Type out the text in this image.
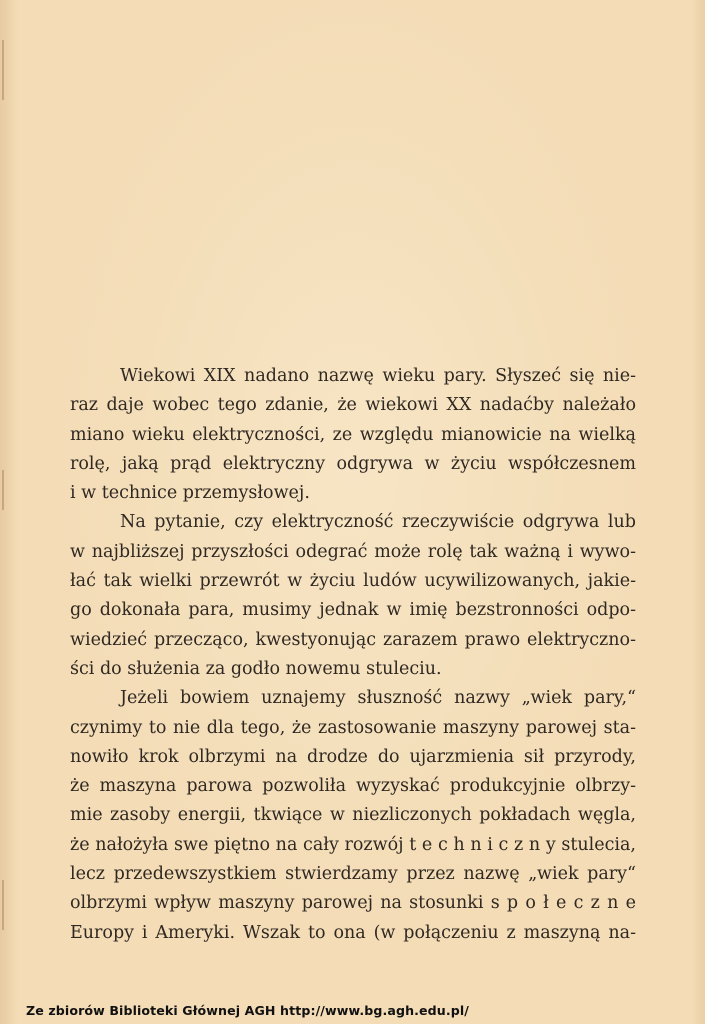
Wiekowi XIX nadano nazwę wieku pary. Słyszeć się nie-
raz daje wobec tego zdanie, że wiekowi XX nadaćby należało
miano wieku elektryczności, ze względu mianowicie na wielką
rolę, jaką prąd elektryczny odgrywa w życiu współczesnem
i w technice przemysłowej.
Na pytanie, czy elektryczność rzeczywiście odgrywa lub
w najbliższej przyszłości odegrać może rolę tak ważną i wywo-
łać tak wielki przewrót w życiu ludów ucywilizowanych, jakie-
go dokonała para, musimy jednak w imię bezstronności odpo-
wiedzieć przecząco, kwestyonując zarazem prawo elektryczno-
ści do służenia za godło nowemu stuleciu.
Jeżeli bowiem uznajemy słuszność nazwy „wiek pary,“
czynimy to nie dla tego, że zastosowanie maszyny parowej sta-
nowiło krok olbrzymi na drodze do ujarzmienia sił przyrody,
że maszyna parowa pozwoliła wyzyskać produkcyjnie olbrzy-
mie zasoby energii, tkwiące w niezliczonych pokładach węgla,
że nałożyła swe piętno na cały rozwój t e c h n i c z n y stulecia,
lecz przedewszystkiem stwierdzamy przez nazwę „wiek pary“
olbrzymi wpływ maszyny parowej na stosunki s p o ł e c z n e
Europy i Ameryki. Wszak to ona (w połączeniu z maszyną na-
Ze zbiorów Biblioteki Głównej AGH http://www.bg.agh.edu.pl/
